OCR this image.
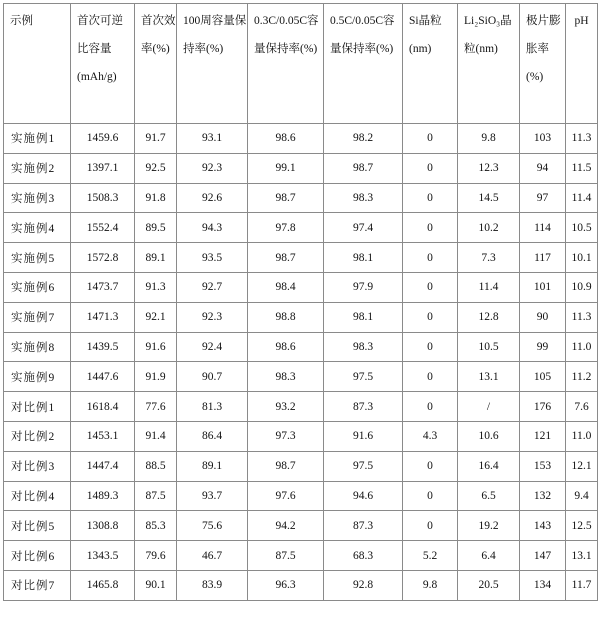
示例	首次可逆比容量(mAh/g)	首次效率(%)	100周容量保持率(%)	0.3C/0.05C容量保持率(%)	0.5C/0.05C容量保持率(%)	Si晶粒(nm)	Li₂SiO₃晶粒(nm)	极片膨胀率(%)	pH
实施例1	1459.6	91.7	93.1	98.6	98.2	0	9.8	103	11.3
实施例2	1397.1	92.5	92.3	99.1	98.7	0	12.3	94	11.5
实施例3	1508.3	91.8	92.6	98.7	98.3	0	14.5	97	11.4
实施例4	1552.4	89.5	94.3	97.8	97.4	0	10.2	114	10.5
实施例5	1572.8	89.1	93.5	98.7	98.1	0	7.3	117	10.1
实施例6	1473.7	91.3	92.7	98.4	97.9	0	11.4	101	10.9
实施例7	1471.3	92.1	92.3	98.8	98.1	0	12.8	90	11.3
实施例8	1439.5	91.6	92.4	98.6	98.3	0	10.5	99	11.0
实施例9	1447.6	91.9	90.7	98.3	97.5	0	13.1	105	11.2
对比例1	1618.4	77.6	81.3	93.2	87.3	0	/	176	7.6
对比例2	1453.1	91.4	86.4	97.3	91.6	4.3	10.6	121	11.0
对比例3	1447.4	88.5	89.1	98.7	97.5	0	16.4	153	12.1
对比例4	1489.3	87.5	93.7	97.6	94.6	0	6.5	132	9.4
对比例5	1308.8	85.3	75.6	94.2	87.3	0	19.2	143	12.5
对比例6	1343.5	79.6	46.7	87.5	68.3	5.2	6.4	147	13.1
对比例7	1465.8	90.1	83.9	96.3	92.8	9.8	20.5	134	11.7
